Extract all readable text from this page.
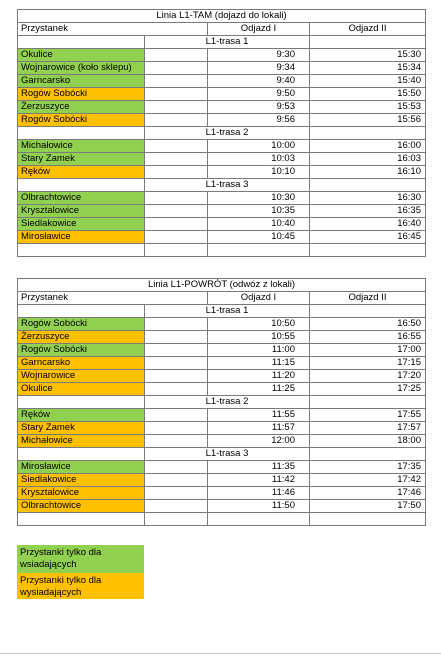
Linia L1-TAM (dojazd do lokali)			
Przystanek		Odjazd I	Odjazd II
	L1-trasa 1		
Okulice		9:30	15:30
Wojnarowice (koło sklepu)		9:34	15:34
Garncarsko		9:40	15:40
Rogów Sobócki		9:50	15:50
Żerzuszyce		9:53	15:53
Rogów Sobócki		9:56	15:56
	L1-trasa 2		
Michałowice		10:00	16:00
Stary Zamek		10:03	16:03
Ręków		10:10	16:10
	L1-trasa 3		
Olbrachtowice		10:30	16:30
Krysztalowice		10:35	16:35
Siedlakowice		10:40	16:40
Mirosławice		10:45	16:45

Linia L1-POWRÓT (odwóz z lokali)			
Przystanek		Odjazd I	Odjazd II
	L1-trasa 1		
Rogów Sobócki		10:50	16:50
Żerzuszyce		10:55	16:55
Rogów Sobócki		11:00	17:00
Garncarsko		11:15	17:15
Wojnarowice		11:20	17:20
Okulice		11:25	17:25
	L1-trasa 2		
Ręków		11:55	17:55
Stary Zamek		11:57	17:57
Michałowice		12:00	18:00
	L1-trasa 3		
Mirosławice		11:35	17:35
Siedlakowice		11:42	17:42
Krysztalowice		11:46	17:46
Olbrachtowice		11:50	17:50

Przystanki tylko dla wsiadających
Przystanki tylko dla wysiadających
